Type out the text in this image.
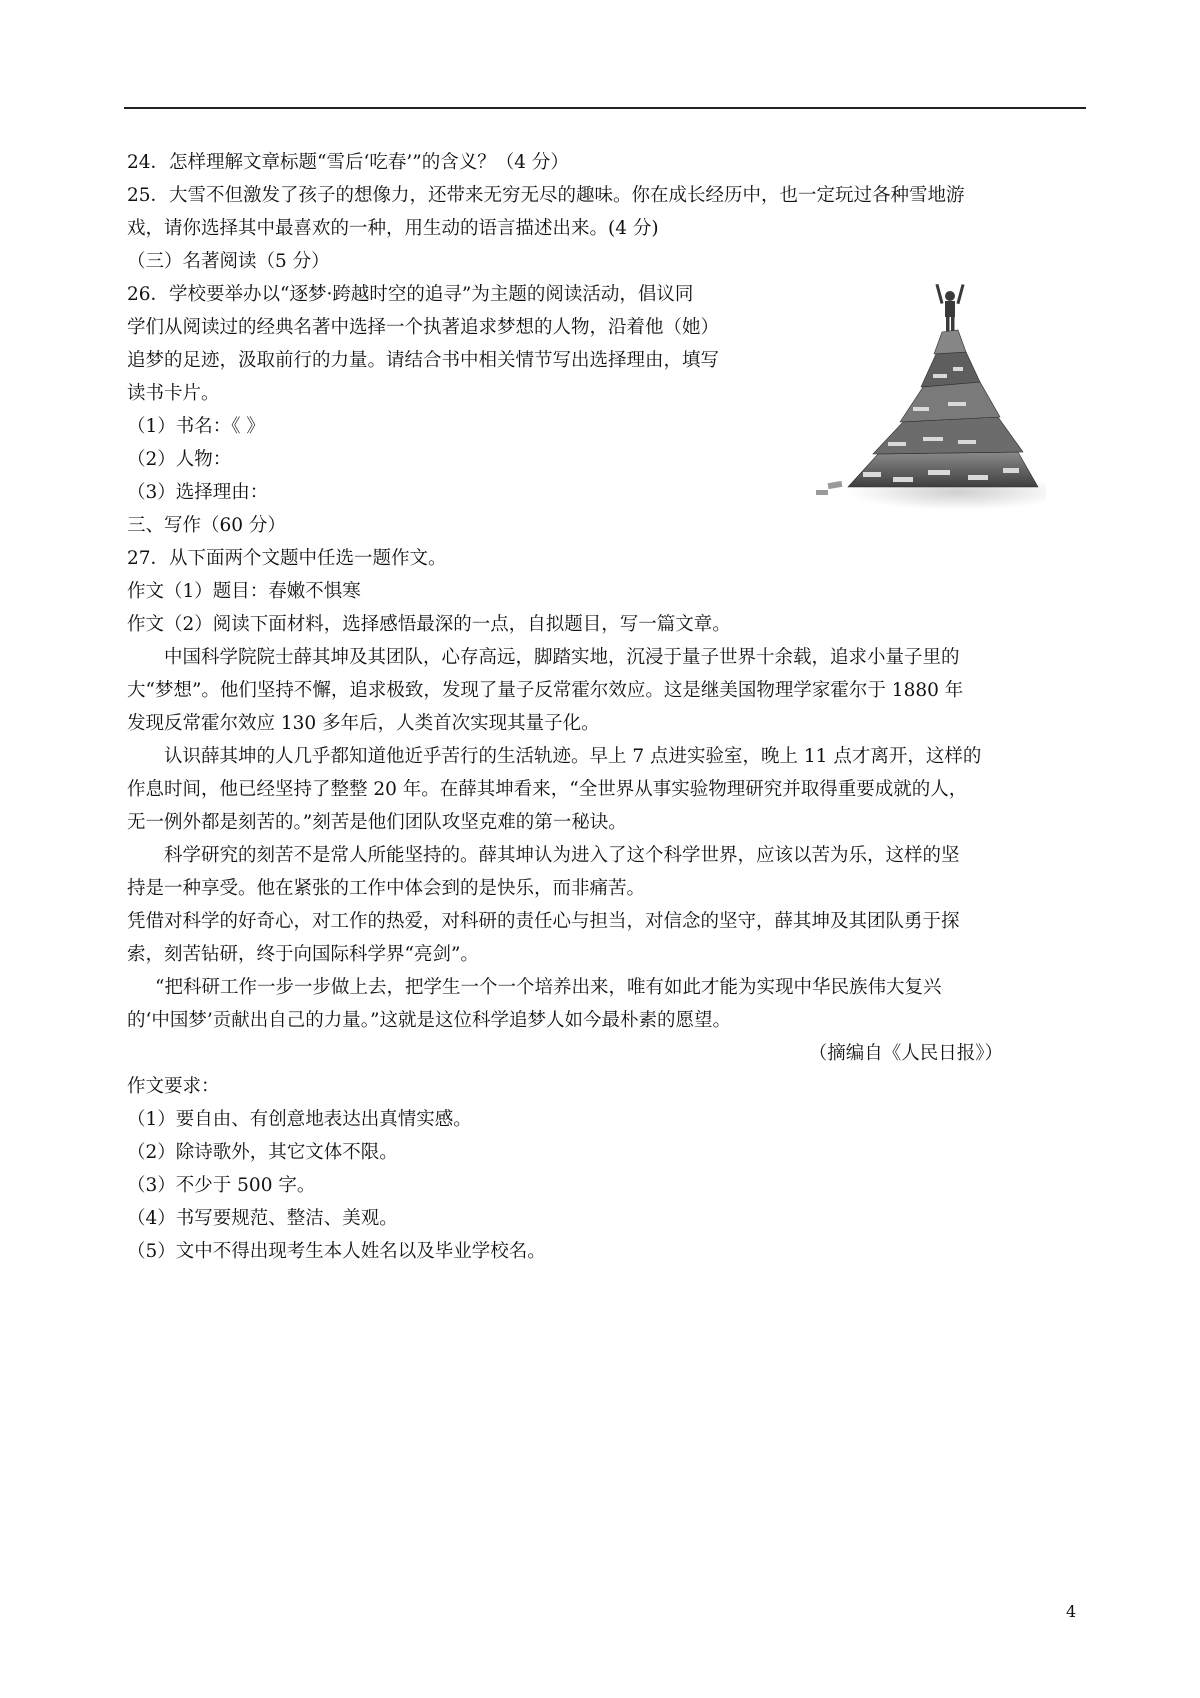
24．怎样理解文章标题“雪后‘吃春’”的含义？（4 分）
25．大雪不但激发了孩子的想像力，还带来无穷无尽的趣味。你在成长经历中，也一定玩过各种雪地游
戏，请你选择其中最喜欢的一种，用生动的语言描述出来。(4 分)
（三）名著阅读（5 分）
26．学校要举办以“逐梦·跨越时空的追寻”为主题的阅读活动，倡议同
学们从阅读过的经典名著中选择一个执著追求梦想的人物，沿着他（她）
追梦的足迹，汲取前行的力量。请结合书中相关情节写出选择理由，填写
读书卡片。
（1）书名：《 》
（2）人物：
（3）选择理由：
三、写作（60 分）
27．从下面两个文题中任选一题作文。
作文（1）题目：春嫩不惧寒
作文（2）阅读下面材料，选择感悟最深的一点，自拟题目，写一篇文章。
中国科学院院士薛其坤及其团队，心存高远，脚踏实地，沉浸于量子世界十余载，追求小量子里的
大“梦想”。他们坚持不懈，追求极致，发现了量子反常霍尔效应。这是继美国物理学家霍尔于 1880 年
发现反常霍尔效应 130 多年后，人类首次实现其量子化。
认识薛其坤的人几乎都知道他近乎苦行的生活轨迹。早上 7 点进实验室，晚上 11 点才离开，这样的
作息时间，他已经坚持了整整 20 年。在薛其坤看来，“全世界从事实验物理研究并取得重要成就的人，
无一例外都是刻苦的。”刻苦是他们团队攻坚克难的第一秘诀。
科学研究的刻苦不是常人所能坚持的。薛其坤认为进入了这个科学世界，应该以苦为乐，这样的坚
持是一种享受。他在紧张的工作中体会到的是快乐，而非痛苦。
凭借对科学的好奇心，对工作的热爱，对科研的责任心与担当，对信念的坚守，薛其坤及其团队勇于探
索，刻苦钻研，终于向国际科学界“亮剑”。
“把科研工作一步一步做上去，把学生一个一个培养出来，唯有如此才能为实现中华民族伟大复兴
的‘中国梦’贡献出自己的力量。”这就是这位科学追梦人如今最朴素的愿望。
（摘编自《人民日报》）
作文要求：
（1）要自由、有创意地表达出真情实感。
（2）除诗歌外，其它文体不限。
（3）不少于 500 字。
（4）书写要规范、整洁、美观。
（5）文中不得出现考生本人姓名以及毕业学校名。
4
